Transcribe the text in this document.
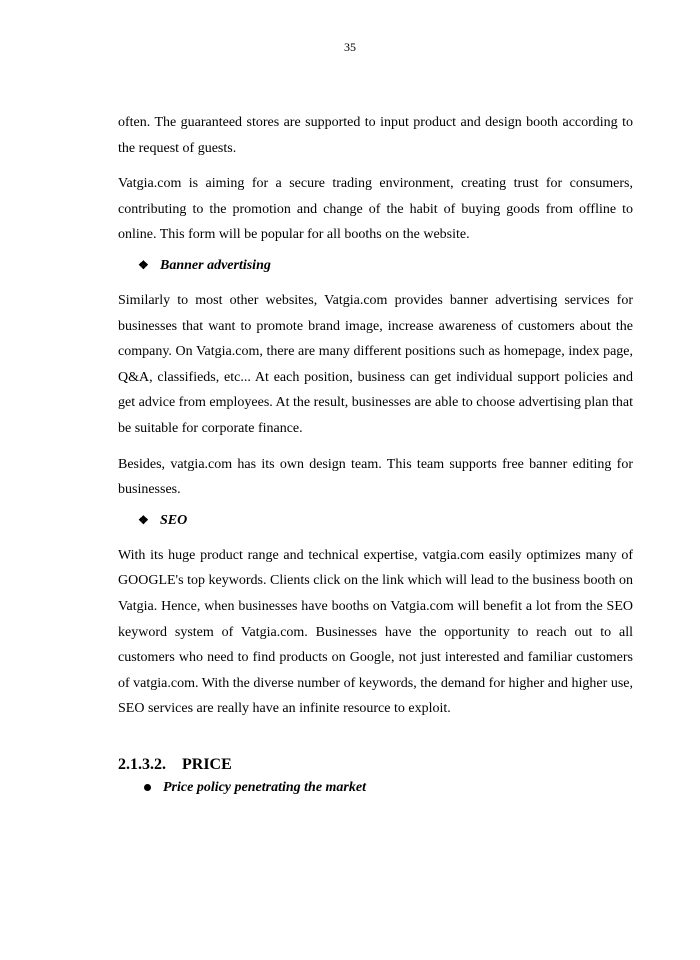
35

often. The guaranteed stores are supported to input product and design booth according to the request of guests.

Vatgia.com is aiming for a secure trading environment, creating trust for consumers, contributing to the promotion and change of the habit of buying goods from offline to online. This form will be popular for all booths on the website.

❖ Banner advertising

Similarly to most other websites, Vatgia.com provides banner advertising services for businesses that want to promote brand image, increase awareness of customers about the company. On Vatgia.com, there are many different positions such as homepage, index page, Q&A, classifieds, etc... At each position, business can get individual support policies and get advice from employees. At the result, businesses are able to choose advertising plan that be suitable for corporate finance.

Besides, vatgia.com has its own design team. This team supports free banner editing for businesses.

❖ SEO

With its huge product range and technical expertise, vatgia.com easily optimizes many of GOOGLE's top keywords. Clients click on the link which will lead to the business booth on Vatgia. Hence, when businesses have booths on Vatgia.com will benefit a lot from the SEO keyword system of Vatgia.com. Businesses have the opportunity to reach out to all customers who need to find products on Google, not just interested and familiar customers of vatgia.com. With the diverse number of keywords, the demand for higher and higher use, SEO services are really have an infinite resource to exploit.

2.1.3.2. PRICE
Price policy penetrating the market
